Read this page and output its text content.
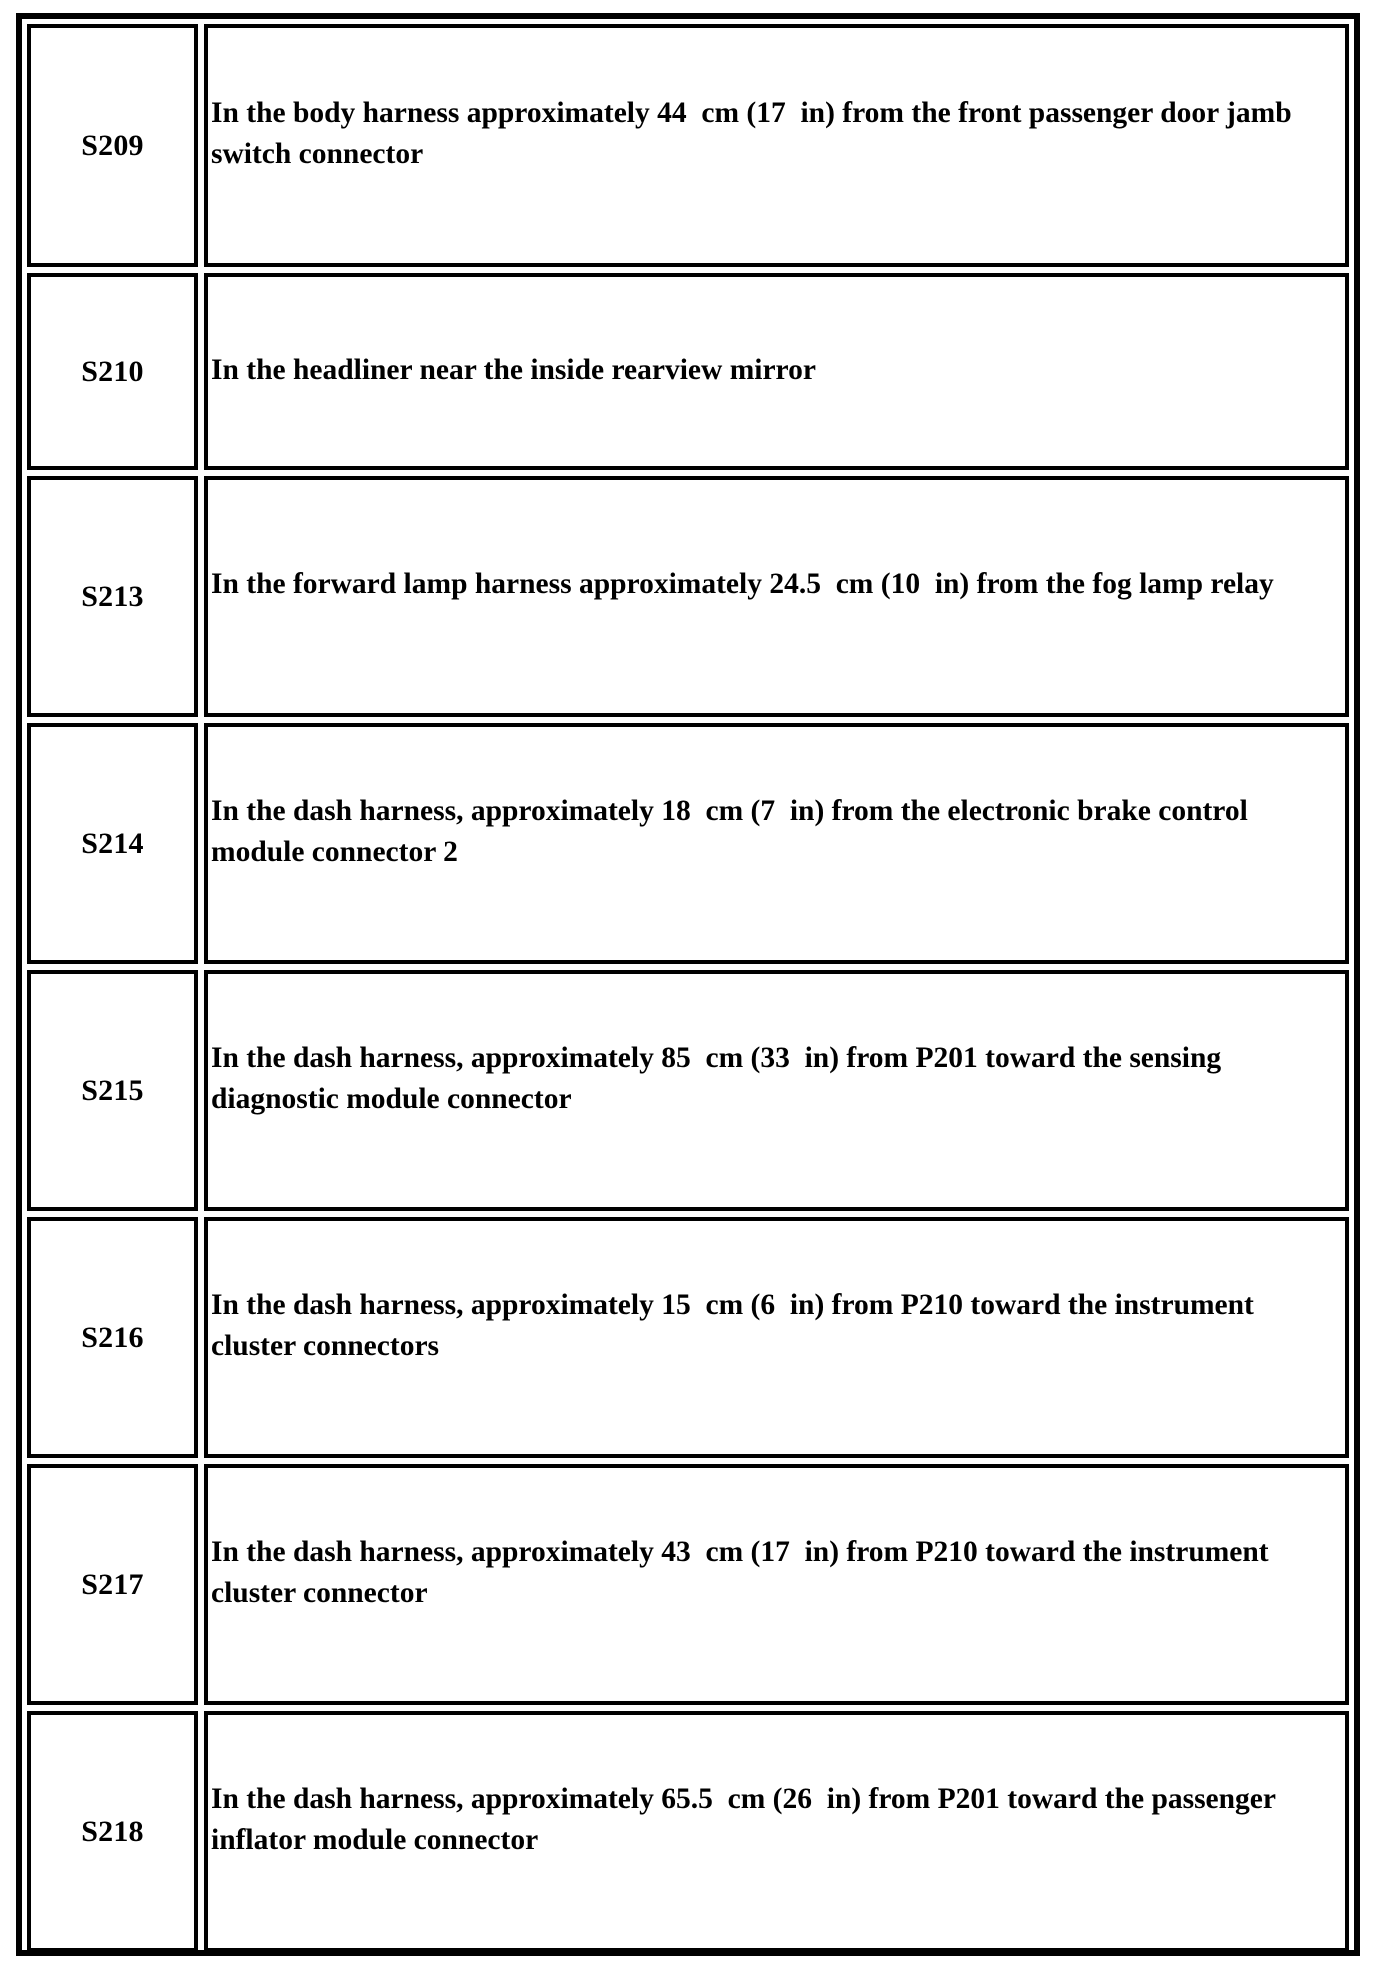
S209
In the body harness approximately 44  cm (17  in) from the front passenger door jamb switch connector
S210 In the headliner near the inside rearview mirror
S213 In the forward lamp harness approximately 24.5  cm (10  in) from the fog lamp relay
S214
In the dash harness, approximately 18  cm (7  in) from the electronic brake control module connector 2
S215
In the dash harness, approximately 85  cm (33  in) from P201 toward the sensing diagnostic module connector
S216
In the dash harness, approximately 15  cm (6  in) from P210 toward the instrument cluster connectors
S217
In the dash harness, approximately 43  cm (17  in) from P210 toward the instrument cluster connector
S218
In the dash harness, approximately 65.5  cm (26  in) from P201 toward the passenger inflator module connector
